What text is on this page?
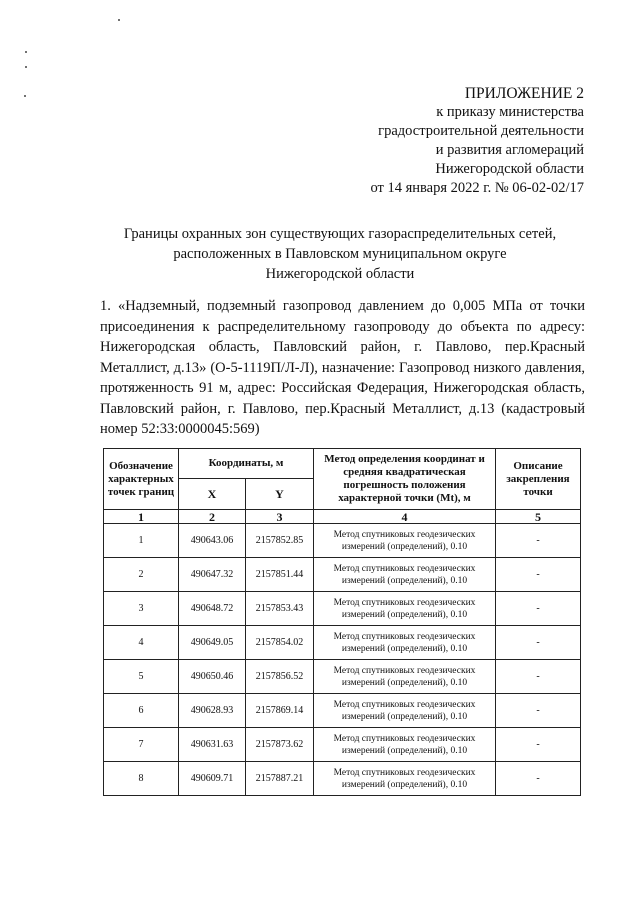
ПРИЛОЖЕНИЕ 2
к приказу министерства
градостроительной деятельности
и развития агломераций
Нижегородской области
от 14 января 2022 г. № 06-02-02/17
Границы охранных зон существующих газораспределительных сетей,
расположенных в Павловском муниципальном округе
Нижегородской области
1. «Надземный, подземный газопровод давлением до 0,005 МПа от точки присоединения к распределительному газопроводу до объекта по адресу: Нижегородская область, Павловский район, г. Павлово, пер.Красный Металлист, д.13» (О-5-1119П/Л-Л), назначение: Газопровод низкого давления, протяженность 91 м, адрес: Российская Федерация, Нижегородская область, Павловский район, г. Павлово, пер.Красный Металлист, д.13 (кадастровый номер 52:33:0000045:569)
Обозначение характерных точек границ	Координаты, м		Метод определения координат и средняя квадратическая погрешность положения характерной точки (Мt), м	Описание закрепления точки
	X	Y		
1	2	3	4	5
1	490643.06	2157852.85	Метод спутниковых геодезических измерений (определений), 0.10	-
2	490647.32	2157851.44	Метод спутниковых геодезических измерений (определений), 0.10	-
3	490648.72	2157853.43	Метод спутниковых геодезических измерений (определений), 0.10	-
4	490649.05	2157854.02	Метод спутниковых геодезических измерений (определений), 0.10	-
5	490650.46	2157856.52	Метод спутниковых геодезических измерений (определений), 0.10	-
6	490628.93	2157869.14	Метод спутниковых геодезических измерений (определений), 0.10	-
7	490631.63	2157873.62	Метод спутниковых геодезических измерений (определений), 0.10	-
8	490609.71	2157887.21	Метод спутниковых геодезических измерений (определений), 0.10	-
